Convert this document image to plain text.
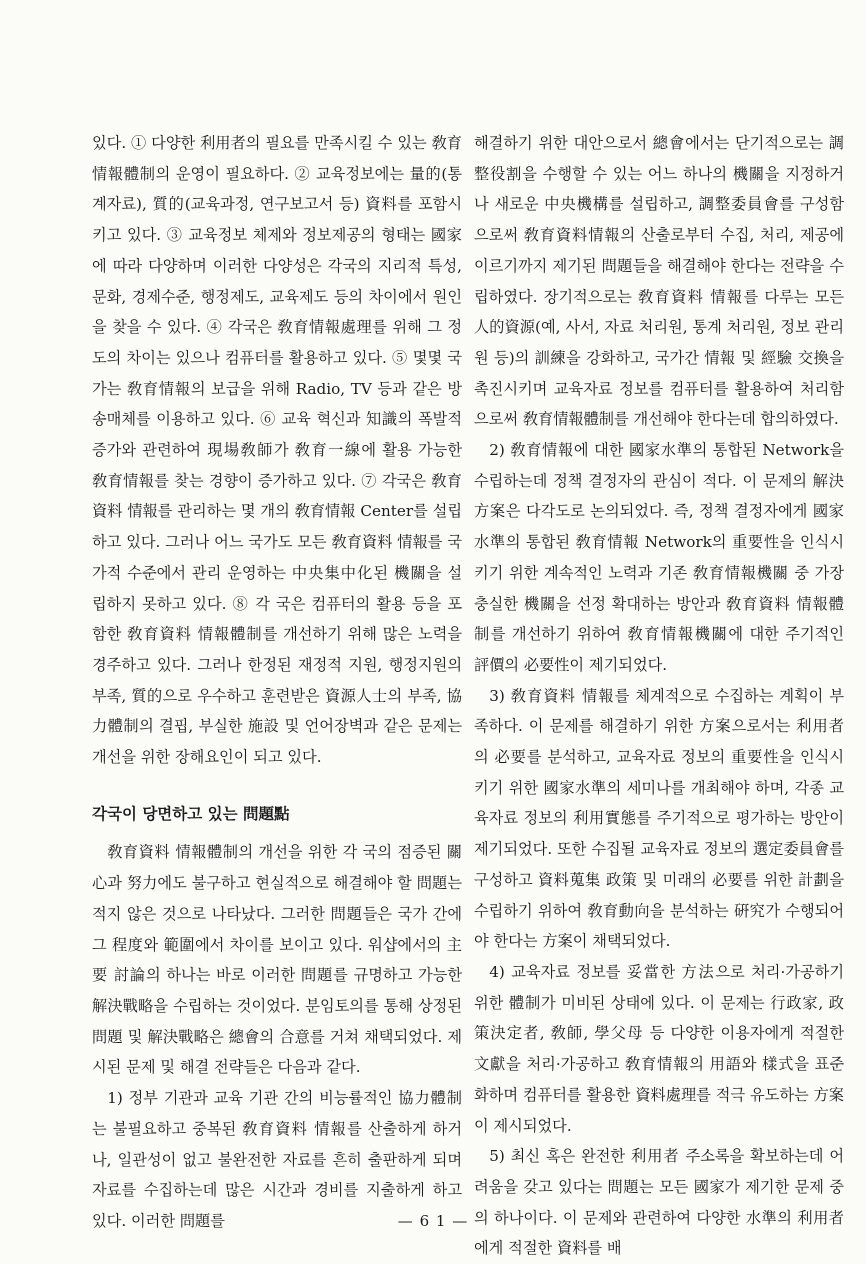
있다. ① 다양한 利用者의 필요를 만족시킬 수 있는 敎育情報體制의 운영이 필요하다. ② 교육정보에는 量的(통계자료), 質的(교육과정, 연구보고서 등) 資料를 포함시키고 있다. ③ 교육정보 체제와 정보제공의 형태는 國家에 따라 다양하며 이러한 다양성은 각국의 지리적 특성, 문화, 경제수준, 행정제도, 교육제도 등의 차이에서 원인을 찾을 수 있다. ④ 각국은 敎育情報處理를 위해 그 정도의 차이는 있으나 컴퓨터를 활용하고 있다. ⑤ 몇몇 국가는 敎育情報의 보급을 위해 Radio, TV 등과 같은 방송매체를 이용하고 있다. ⑥ 교육 혁신과 知識의 폭발적 증가와 관련하여 現場敎師가 敎育一線에 활용 가능한 敎育情報를 찾는 경향이 증가하고 있다. ⑦ 각국은 敎育資料 情報를 관리하는 몇 개의 敎育情報 Center를 설립하고 있다. 그러나 어느 국가도 모든 敎育資料 情報를 국가적 수준에서 관리 운영하는 中央集中化된 機關을 설립하지 못하고 있다. ⑧ 각 국은 컴퓨터의 활용 등을 포함한 敎育資料 情報體制를 개선하기 위해 많은 노력을 경주하고 있다. 그러나 한정된 재정적 지원, 행정지원의 부족, 質的으로 우수하고 훈련받은 資源人士의 부족, 協力體制의 결핍, 부실한 施設 및 언어장벽과 같은 문제는 개선을 위한 장해요인이 되고 있다.

각국이 당면하고 있는 問題點

敎育資料 情報體制의 개선을 위한 각 국의 점증된 關心과 努力에도 불구하고 현실적으로 해결해야 할 問題는 적지 않은 것으로 나타났다. 그러한 問題들은 국가 간에 그 程度와 範圍에서 차이를 보이고 있다. 워샵에서의 主要 討論의 하나는 바로 이러한 問題를 규명하고 가능한 解決戰略을 수립하는 것이었다. 분임토의를 통해 상정된 問題 및 解決戰略은 總會의 合意를 거쳐 채택되었다. 제시된 문제 및 해결 전략들은 다음과 같다.

1) 정부 기관과 교육 기관 간의 비능률적인 協力體制는 불필요하고 중복된 敎育資料 情報를 산출하게 하거나, 일관성이 없고 불완전한 자료를 흔히 출판하게 되며 자료를 수집하는데 많은 시간과 경비를 지출하게 하고 있다. 이러한 問題를

해결하기 위한 대안으로서 總會에서는 단기적으로는 調整役割을 수행할 수 있는 어느 하나의 機關을 지정하거나 새로운 中央機構를 설립하고, 調整委員會를 구성함으로써 敎育資料情報의 산출로부터 수집, 처리, 제공에 이르기까지 제기된 問題들을 해결해야 한다는 전략을 수립하였다. 장기적으로는 敎育資料 情報를 다루는 모든 人的資源(예, 사서, 자료 처리원, 통계 처리원, 정보 관리원 등)의 訓練을 강화하고, 국가간 情報 및 經驗 交換을 촉진시키며 교육자료 정보를 컴퓨터를 활용하여 처리함으로써 敎育情報體制를 개선해야 한다는데 합의하였다.

2) 敎育情報에 대한 國家水準의 통합된 Network을 수립하는데 정책 결정자의 관심이 적다. 이 문제의 解決方案은 다각도로 논의되었다. 즉, 정책 결정자에게 國家水準의 통합된 敎育情報 Network의 重要性을 인식시키기 위한 계속적인 노력과 기존 敎育情報機關 중 가장 충실한 機關을 선정 확대하는 방안과 敎育資料 情報體制를 개선하기 위하여 敎育情報機關에 대한 주기적인 評價의 必要性이 제기되었다.

3) 敎育資料 情報를 체계적으로 수집하는 계획이 부족하다. 이 문제를 해결하기 위한 方案으로서는 利用者의 必要를 분석하고, 교육자료 정보의 重要性을 인식시키기 위한 國家水準의 세미나를 개최해야 하며, 각종 교육자료 정보의 利用實態를 주기적으로 평가하는 방안이 제기되었다. 또한 수집될 교육자료 정보의 選定委員會를 구성하고 資料蒐集 政策 및 미래의 必要를 위한 計劃을 수립하기 위하여 敎育動向을 분석하는 硏究가 수행되어야 한다는 方案이 채택되었다.

4) 교육자료 정보를 妥當한 方法으로 처리·가공하기 위한 體制가 미비된 상태에 있다. 이 문제는 行政家, 政策決定者, 敎師, 學父母 등 다양한 이용자에게 적절한 文獻을 처리·가공하고 敎育情報의 用語와 樣式을 표준화하며 컴퓨터를 활용한 資料處理를 적극 유도하는 方案이 제시되었다.

5) 최신 혹은 완전한 利用者 주소록을 확보하는데 어려움을 갖고 있다는 問題는 모든 國家가 제기한 문제 중의 하나이다. 이 문제와 관련하여 다양한 水準의 利用者에게 적절한 資料를 배

— 6 1 —
